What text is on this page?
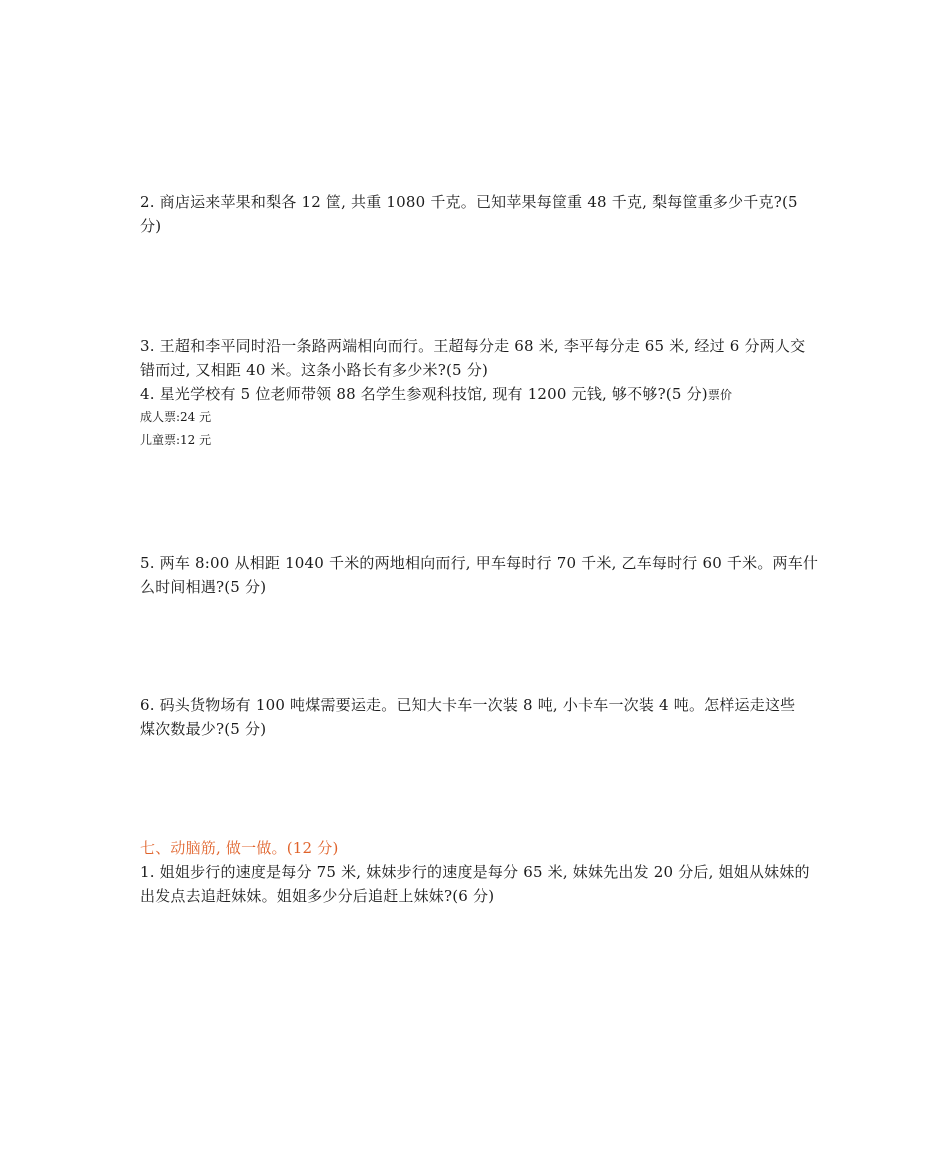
2. 商店运来苹果和梨各 12 筐, 共重 1080 千克。已知苹果每筐重 48 千克, 梨每筐重多少千克?(5
分)
3. 王超和李平同时沿一条路两端相向而行。王超每分走 68 米, 李平每分走 65 米, 经过 6 分两人交
错而过, 又相距 40 米。这条小路长有多少米?(5 分)
4. 星光学校有 5 位老师带领 88 名学生参观科技馆, 现有 1200 元钱, 够不够?(5 分)票价
成人票:24 元
儿童票:12 元
5. 两车 8:00 从相距 1040 千米的两地相向而行, 甲车每时行 70 千米, 乙车每时行 60 千米。两车什
么时间相遇?(5 分)
6. 码头货物场有 100 吨煤需要运走。已知大卡车一次装 8 吨, 小卡车一次装 4 吨。怎样运走这些
煤次数最少?(5 分)
七、动脑筋, 做一做。(12 分)
1. 姐姐步行的速度是每分 75 米, 妹妹步行的速度是每分 65 米, 妹妹先出发 20 分后, 姐姐从妹妹的
出发点去追赶妹妹。姐姐多少分后追赶上妹妹?(6 分)
